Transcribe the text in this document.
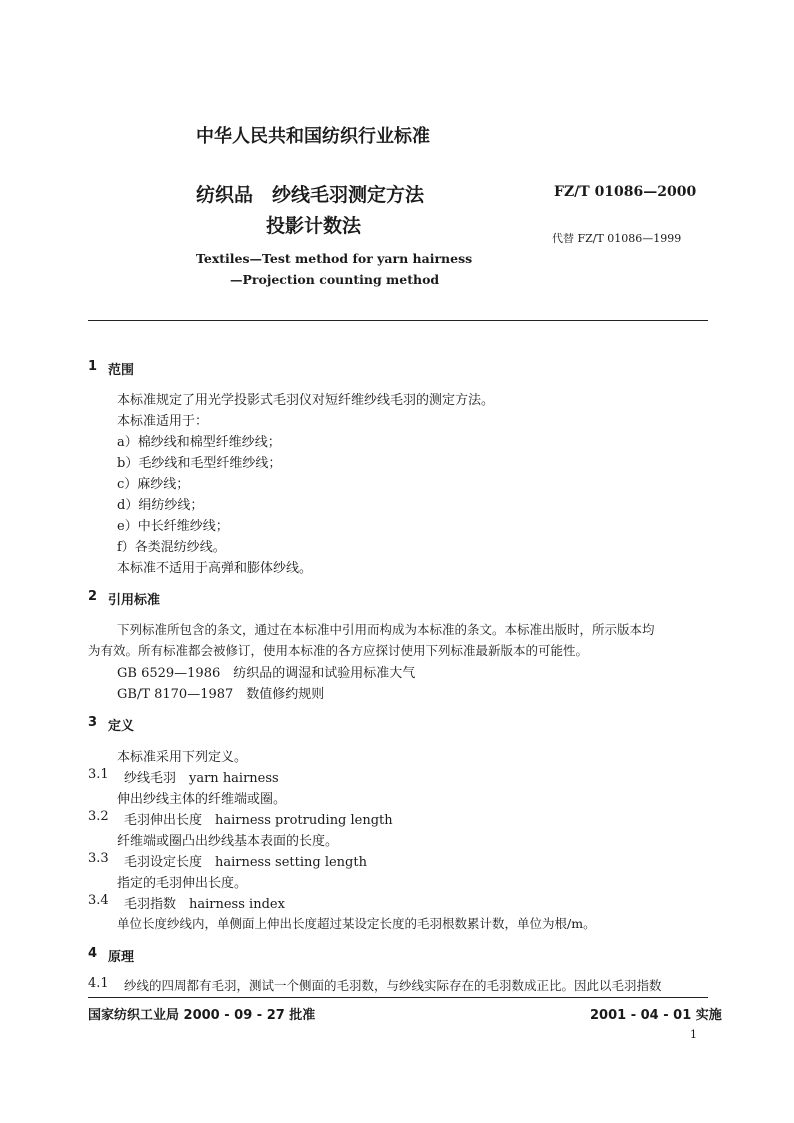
中华人民共和国纺织行业标准
纺织品　纱线毛羽测定方法
投影计数法
FZ/T 01086—2000
代替 FZ/T 01086—1999
Textiles—Test method for yarn hairness
—Projection counting method
1 范围
本标准规定了用光学投影式毛羽仪对短纤维纱线毛羽的测定方法。
本标准适用于：
a）棉纱线和棉型纤维纱线；
b）毛纱线和毛型纤维纱线；
c）麻纱线；
d）绢纺纱线；
e）中长纤维纱线；
f）各类混纺纱线。
本标准不适用于高弹和膨体纱线。
2 引用标准
下列标准所包含的条文，通过在本标准中引用而构成为本标准的条文。本标准出版时，所示版本均
为有效。所有标准都会被修订，使用本标准的各方应探讨使用下列标准最新版本的可能性。
GB 6529—1986　纺织品的调湿和试验用标准大气
GB/T 8170—1987　数值修约规则
3 定义
本标准采用下列定义。
3.1 纱线毛羽　yarn hairness
伸出纱线主体的纤维端或圈。
3.2 毛羽伸出长度　hairness protruding length
纤维端或圈凸出纱线基本表面的长度。
3.3 毛羽设定长度　hairness setting length
指定的毛羽伸出长度。
3.4 毛羽指数　hairness index
单位长度纱线内，单侧面上伸出长度超过某设定长度的毛羽根数累计数，单位为根/m。
4 原理
4.1 纱线的四周都有毛羽，测试一个侧面的毛羽数，与纱线实际存在的毛羽数成正比。因此以毛羽指数
国家纺织工业局 2000 - 09 - 27 批准	2001 - 04 - 01 实施
1
